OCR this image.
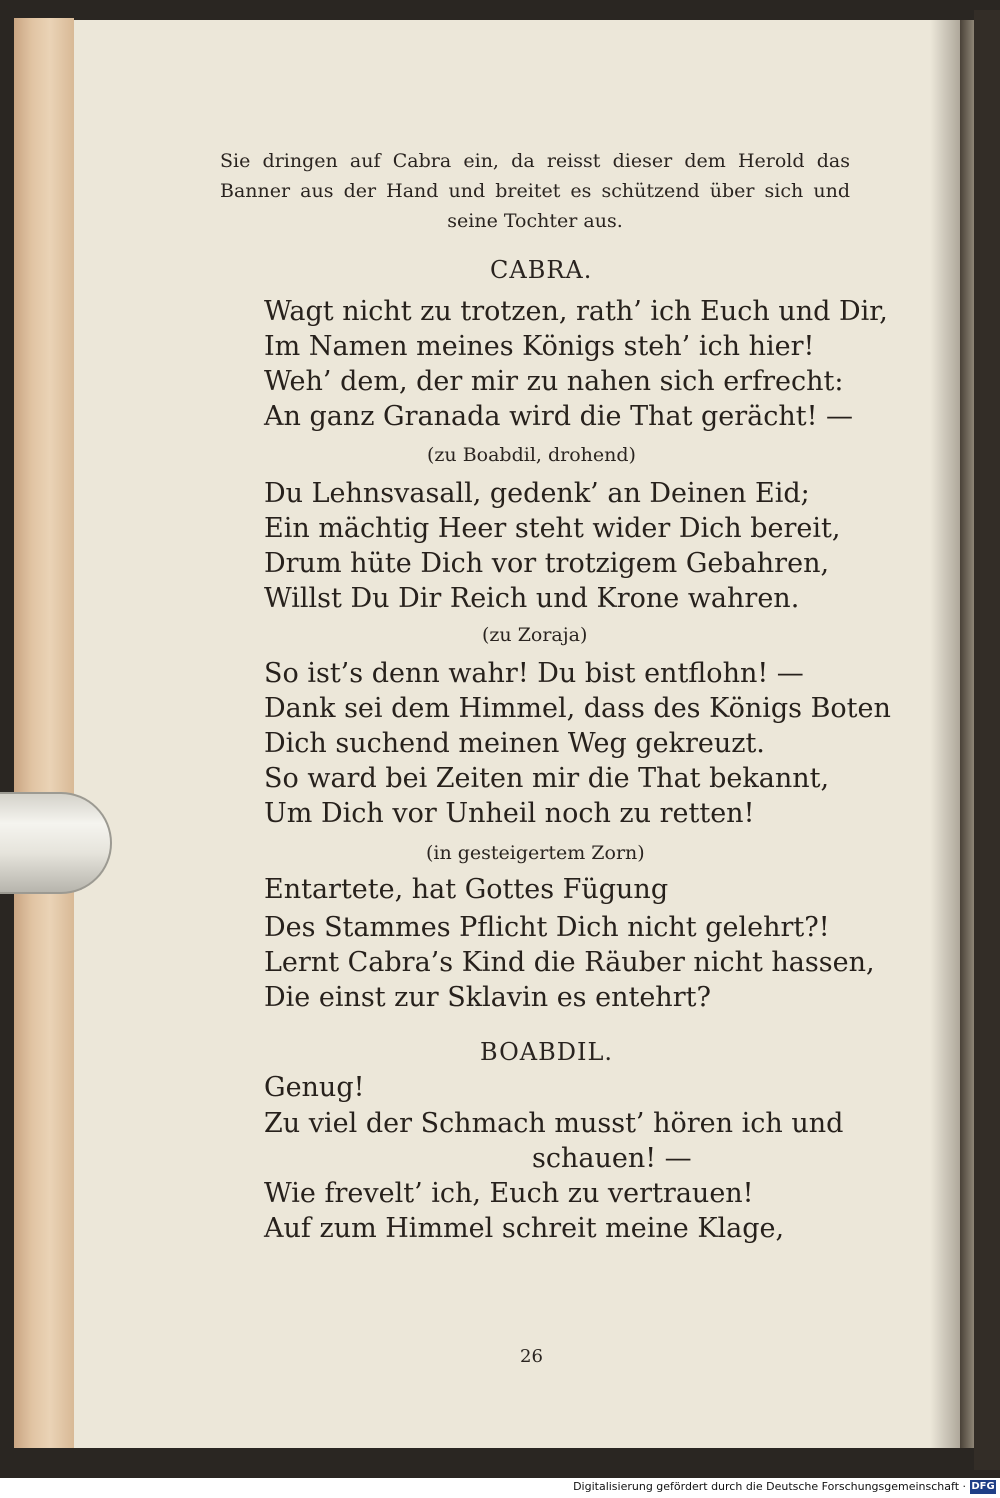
Sie dringen auf Cabra ein, da reisst dieser dem Herold das Banner aus der Hand und breitet es schützend über sich und seine Tochter aus.
CABRA.
Wagt nicht zu trotzen, rath’ ich Euch und Dir,
Im Namen meines Königs steh’ ich hier!
Weh’ dem, der mir zu nahen sich erfrecht:
An ganz Granada wird die That gerächt! —
(zu Boabdil, drohend)
Du Lehnsvasall, gedenk’ an Deinen Eid;
Ein mächtig Heer steht wider Dich bereit,
Drum hüte Dich vor trotzigem Gebahren,
Willst Du Dir Reich und Krone wahren.
(zu Zoraja)
So ist’s denn wahr! Du bist entflohn! —
Dank sei dem Himmel, dass des Königs Boten
Dich suchend meinen Weg gekreuzt.
So ward bei Zeiten mir die That bekannt,
Um Dich vor Unheil noch zu retten!
(in gesteigertem Zorn)
Entartete, hat Gottes Fügung
Des Stammes Pflicht Dich nicht gelehrt?!
Lernt Cabra’s Kind die Räuber nicht hassen,
Die einst zur Sklavin es entehrt?
BOABDIL.
Genug!
Zu viel der Schmach musst’ hören ich und
schauen! —
Wie frevelt’ ich, Euch zu vertrauen!
Auf zum Himmel schreit meine Klage,
26
Digitalisierung gefördert durch die Deutsche Forschungsgemeinschaft · DFG
